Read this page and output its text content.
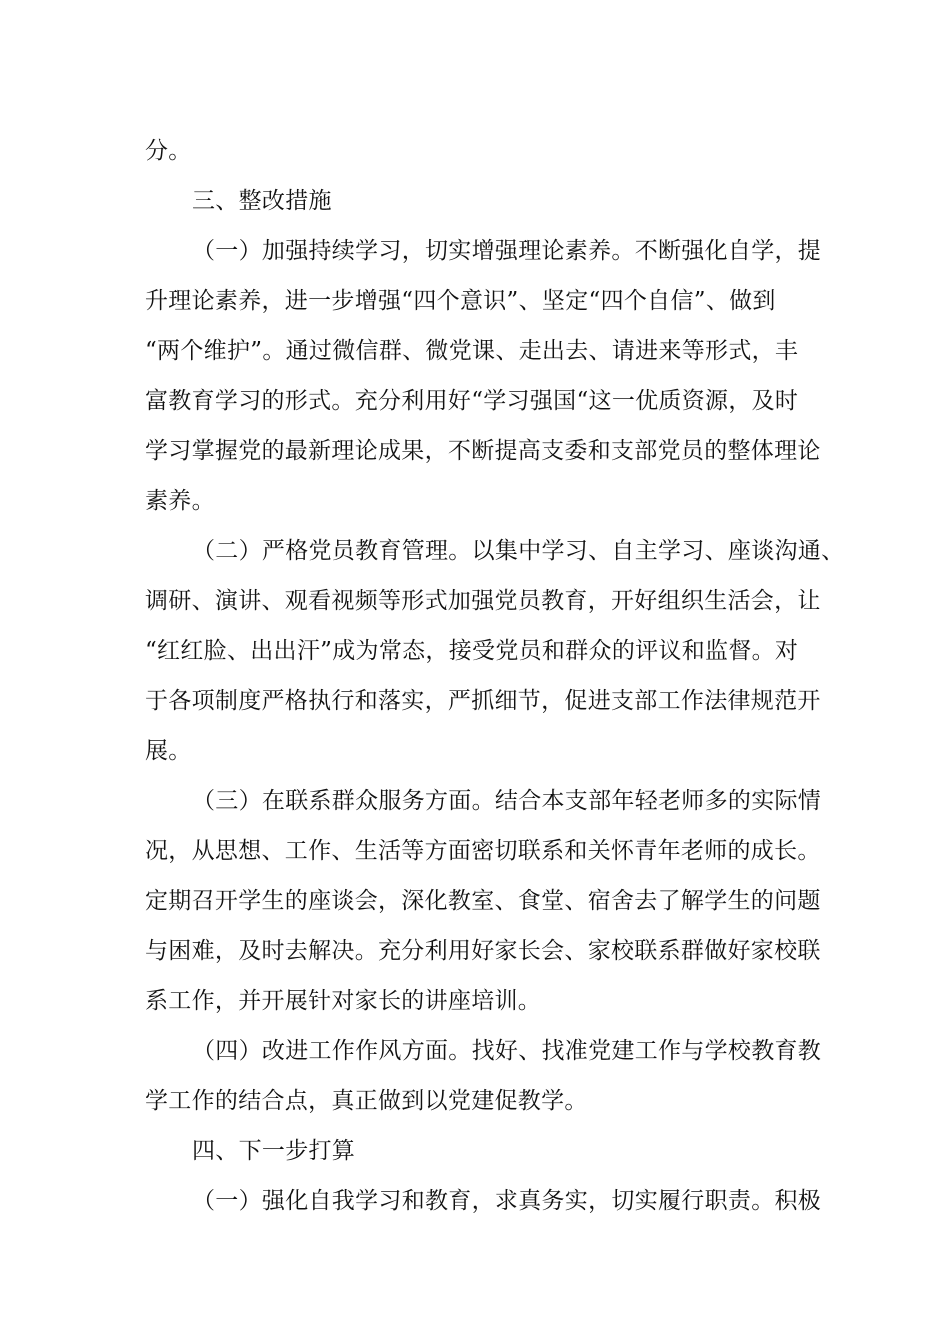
分。
三、整改措施
（一）加强持续学习，切实增强理论素养。不断强化自学，提
升理论素养，进一步增强“四个意识”、坚定“四个自信”、做到
“两个维护”。通过微信群、微党课、走出去、请进来等形式，丰
富教育学习的形式。充分利用好“学习强国“这一优质资源，及时
学习掌握党的最新理论成果，不断提高支委和支部党员的整体理论
素养。
（二）严格党员教育管理。以集中学习、自主学习、座谈沟通、
调研、演讲、观看视频等形式加强党员教育，开好组织生活会，让
“红红脸、出出汗”成为常态，接受党员和群众的评议和监督。对
于各项制度严格执行和落实，严抓细节，促进支部工作法律规范开
展。
（三）在联系群众服务方面。结合本支部年轻老师多的实际情
况，从思想、工作、生活等方面密切联系和关怀青年老师的成长。
定期召开学生的座谈会，深化教室、食堂、宿舍去了解学生的问题
与困难，及时去解决。充分利用好家长会、家校联系群做好家校联
系工作，并开展针对家长的讲座培训。
（四）改进工作作风方面。找好、找准党建工作与学校教育教
学工作的结合点，真正做到以党建促教学。
四、下一步打算
（一）强化自我学习和教育，求真务实，切实履行职责。积极
